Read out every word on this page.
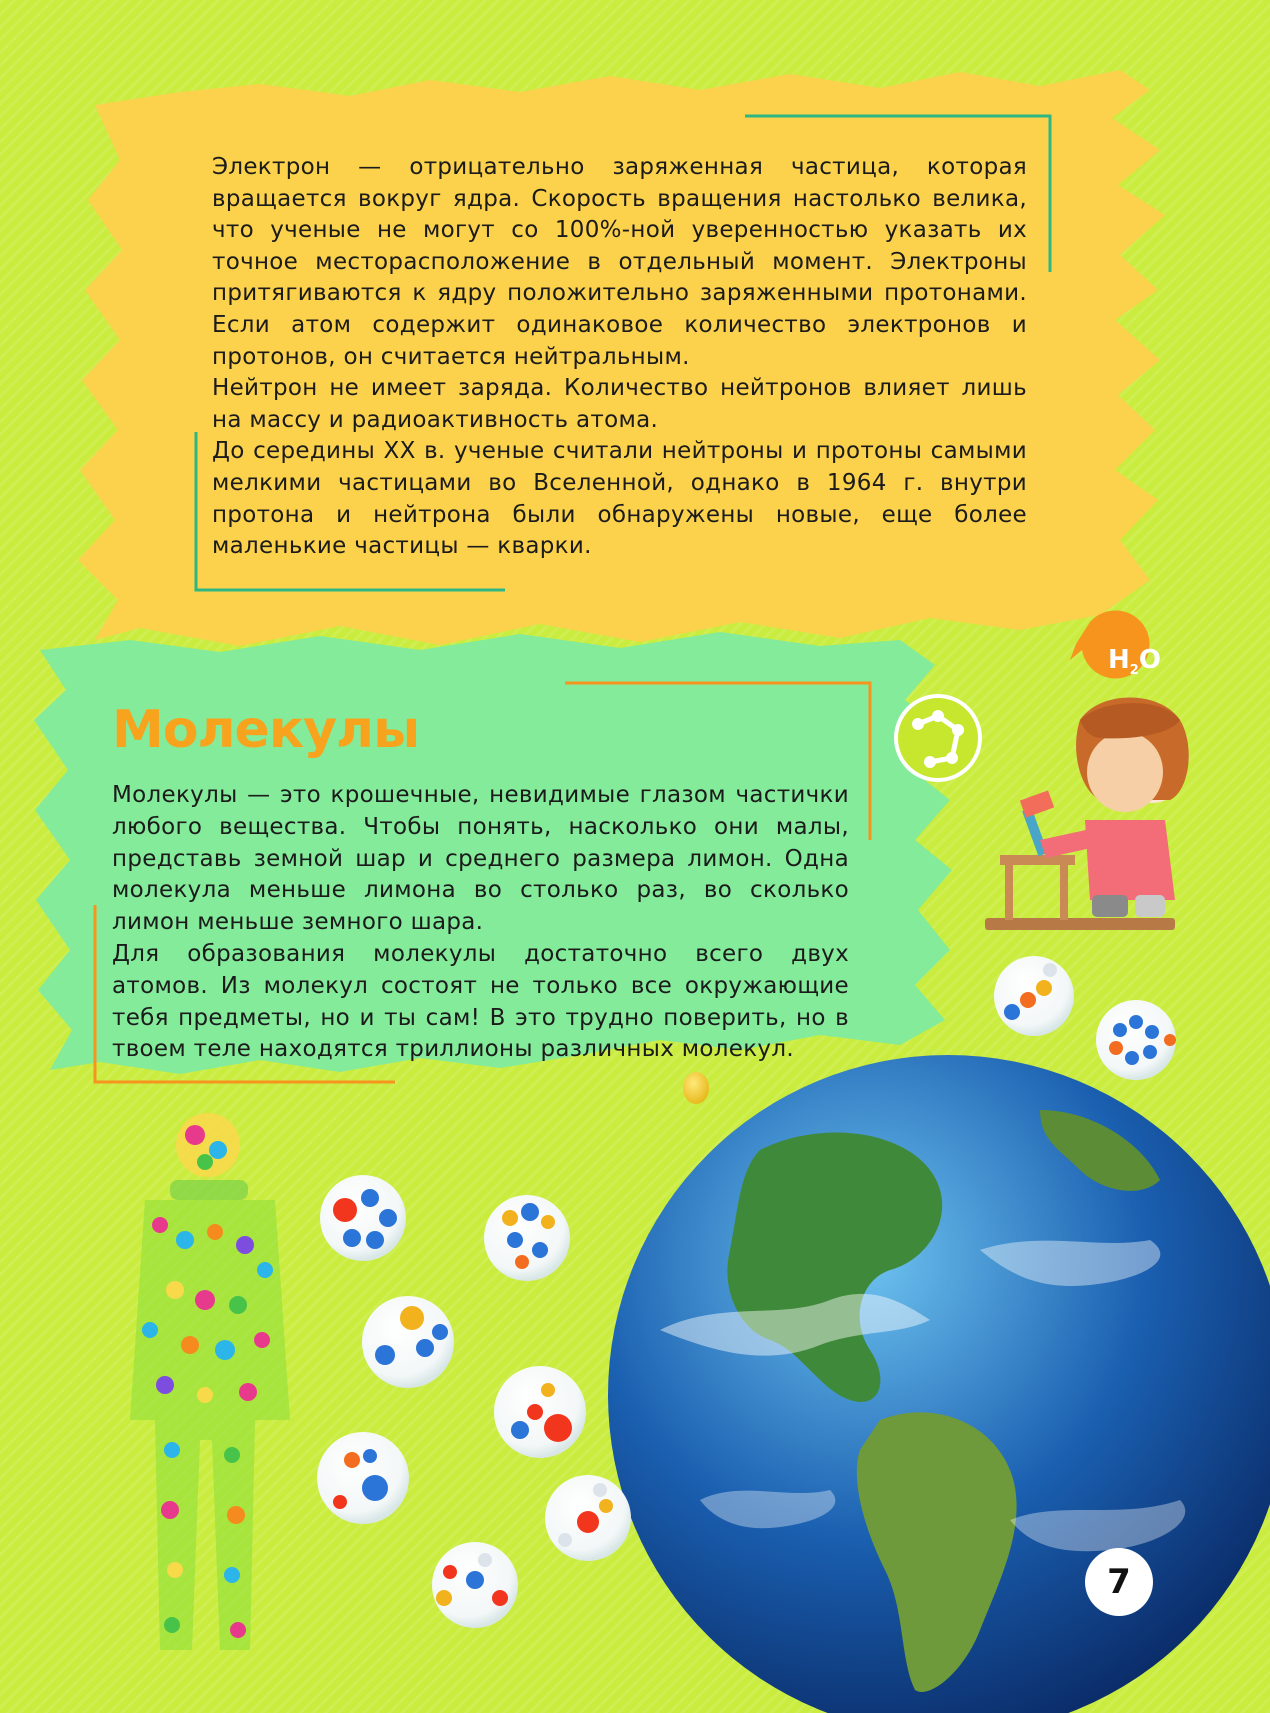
$H_2O$

Электрон — отрицательно заряженная частица, которая вращается вокруг ядра. Скорость вращения настолько велика, что ученые не могут со 100%-ной уверенностью указать их точное месторасположение в отдельный момент. Электроны притягиваются к ядру положительно заряженными протонами. Если атом содержит одинаковое количество электронов и протонов, он считается нейтральным.

Нейтрон не имеет заряда. Количество нейтронов влияет лишь на массу и радиоактивность атома.

До середины XX в. ученые считали нейтроны и протоны самыми мелкими частицами во Вселенной, однако в 1964 г. внутри протона и нейтрона были обнаружены новые, еще более маленькие частицы — кварки.

Молекулы

Молекулы — это крошечные, невидимые глазом частички любого вещества. Чтобы понять, насколько они малы, представь земной шар и среднего размера лимон. Одна молекула меньше лимона во столько раз, во сколько лимон меньше земного шара.

Для образования молекулы достаточно всего двух атомов. Из молекул состоят не только все окружающие тебя предметы, но и ты сам! В это трудно поверить, но в твоем теле находятся триллионы различных молекул.

7
